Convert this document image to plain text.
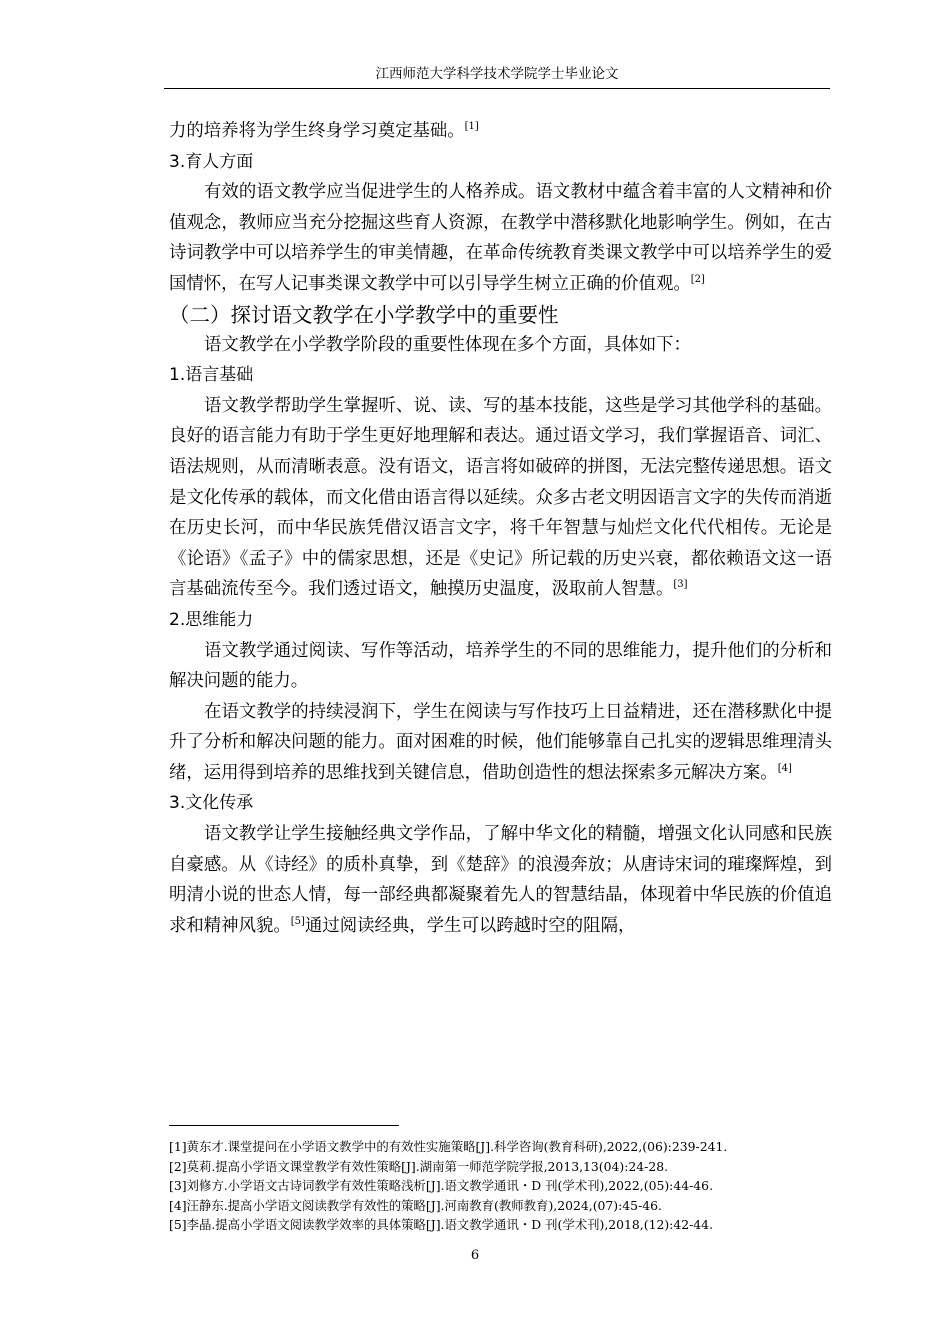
江西师范大学科学技术学院学士毕业论文

力的培养将为学生终身学习奠定基础。[1]

3.育人方面

有效的语文教学应当促进学生的人格养成。语文教材中蕴含着丰富的人文精神和价值观念，教师应当充分挖掘这些育人资源，在教学中潜移默化地影响学生。例如，在古诗词教学中可以培养学生的审美情趣，在革命传统教育类课文教学中可以培养学生的爱国情怀，在写人记事类课文教学中可以引导学生树立正确的价值观。[2]

（二）探讨语文教学在小学教学中的重要性

语文教学在小学教学阶段的重要性体现在多个方面，具体如下：

1.语言基础

语文教学帮助学生掌握听、说、读、写的基本技能，这些是学习其他学科的基础。良好的语言能力有助于学生更好地理解和表达。通过语文学习，我们掌握语音、词汇、语法规则，从而清晰表意。没有语文，语言将如破碎的拼图，无法完整传递思想。语文是文化传承的载体，而文化借由语言得以延续。众多古老文明因语言文字的失传而消逝在历史长河，而中华民族凭借汉语言文字，将千年智慧与灿烂文化代代相传。无论是《论语》《孟子》中的儒家思想，还是《史记》所记载的历史兴衰，都依赖语文这一语言基础流传至今。我们透过语文，触摸历史温度，汲取前人智慧。[3]

2.思维能力

语文教学通过阅读、写作等活动，培养学生的不同的思维能力，提升他们的分析和解决问题的能力。

在语文教学的持续浸润下，学生在阅读与写作技巧上日益精进，还在潜移默化中提升了分析和解决问题的能力。面对困难的时候，他们能够靠自己扎实的逻辑思维理清头绪，运用得到培养的思维找到关键信息，借助创造性的想法探索多元解决方案。[4]

3.文化传承

语文教学让学生接触经典文学作品，了解中华文化的精髓，增强文化认同感和民族自豪感。从《诗经》的质朴真挚，到《楚辞》的浪漫奔放；从唐诗宋词的璀璨辉煌，到明清小说的世态人情，每一部经典都凝聚着先人的智慧结晶，体现着中华民族的价值追求和精神风貌。[5]通过阅读经典，学生可以跨越时空的阻隔，

[1]黄东才.课堂提问在小学语文教学中的有效性实施策略[J].科学咨询(教育科研),2022,(06):239-241.
[2]莫莉.提高小学语文课堂教学有效性策略[J].湖南第一师范学院学报,2013,13(04):24-28.
[3]刘修方.小学语文古诗词教学有效性策略浅析[J].语文教学通讯・D 刊(学术刊),2022,(05):44-46.
[4]汪静东.提高小学语文阅读教学有效性的策略[J].河南教育(教师教育),2024,(07):45-46.
[5]李晶.提高小学语文阅读教学效率的具体策略[J].语文教学通讯・D 刊(学术刊),2018,(12):42-44.
6
